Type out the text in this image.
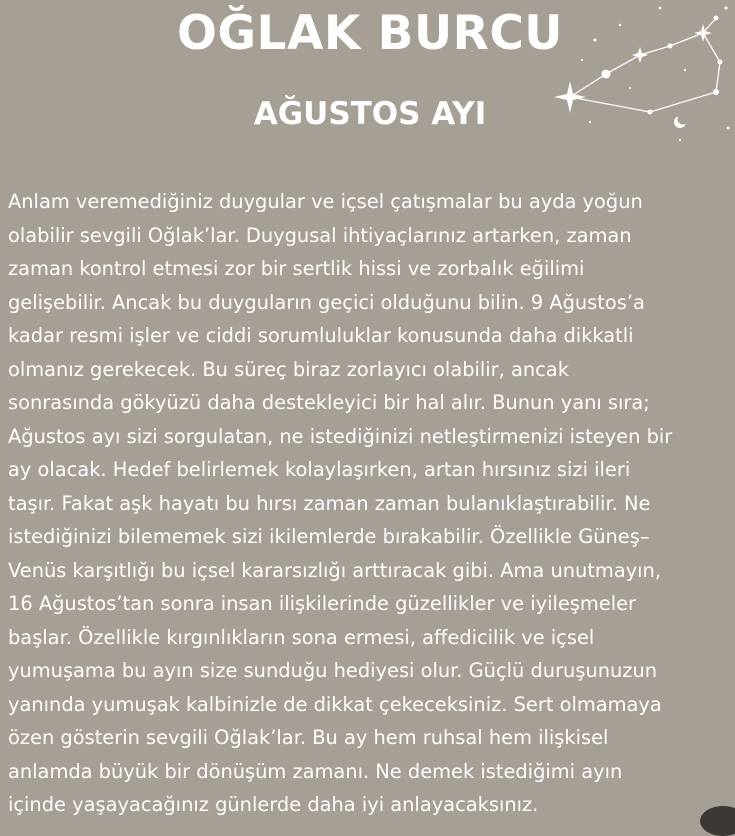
OĞLAK BURCU
AĞUSTOS AYI
Anlam veremediğiniz duygular ve içsel çatışmalar bu ayda yoğun
olabilir sevgili Oğlak’lar. Duygusal ihtiyaçlarınız artarken, zaman
zaman kontrol etmesi zor bir sertlik hissi ve zorbalık eğilimi
gelişebilir. Ancak bu duyguların geçici olduğunu bilin. 9 Ağustos’a
kadar resmi işler ve ciddi sorumluluklar konusunda daha dikkatli
olmanız gerekecek. Bu süreç biraz zorlayıcı olabilir, ancak
sonrasında gökyüzü daha destekleyici bir hal alır. Bunun yanı sıra;
Ağustos ayı sizi sorgulatan, ne istediğinizi netleştirmenizi isteyen bir
ay olacak. Hedef belirlemek kolaylaşırken, artan hırsınız sizi ileri
taşır. Fakat aşk hayatı bu hırsı zaman zaman bulanıklaştırabilir. Ne
istediğinizi bilememek sizi ikilemlerde bırakabilir. Özellikle Güneş–
Venüs karşıtlığı bu içsel kararsızlığı arttıracak gibi. Ama unutmayın,
16 Ağustos’tan sonra insan ilişkilerinde güzellikler ve iyileşmeler
başlar. Özellikle kırgınlıkların sona ermesi, affedicilik ve içsel
yumuşama bu ayın size sunduğu hediyesi olur. Güçlü duruşunuzun
yanında yumuşak kalbinizle de dikkat çekeceksiniz. Sert olmamaya
özen gösterin sevgili Oğlak’lar. Bu ay hem ruhsal hem ilişkisel
anlamda büyük bir dönüşüm zamanı. Ne demek istediğimi ayın
içinde yaşayacağınız günlerde daha iyi anlayacaksınız.
